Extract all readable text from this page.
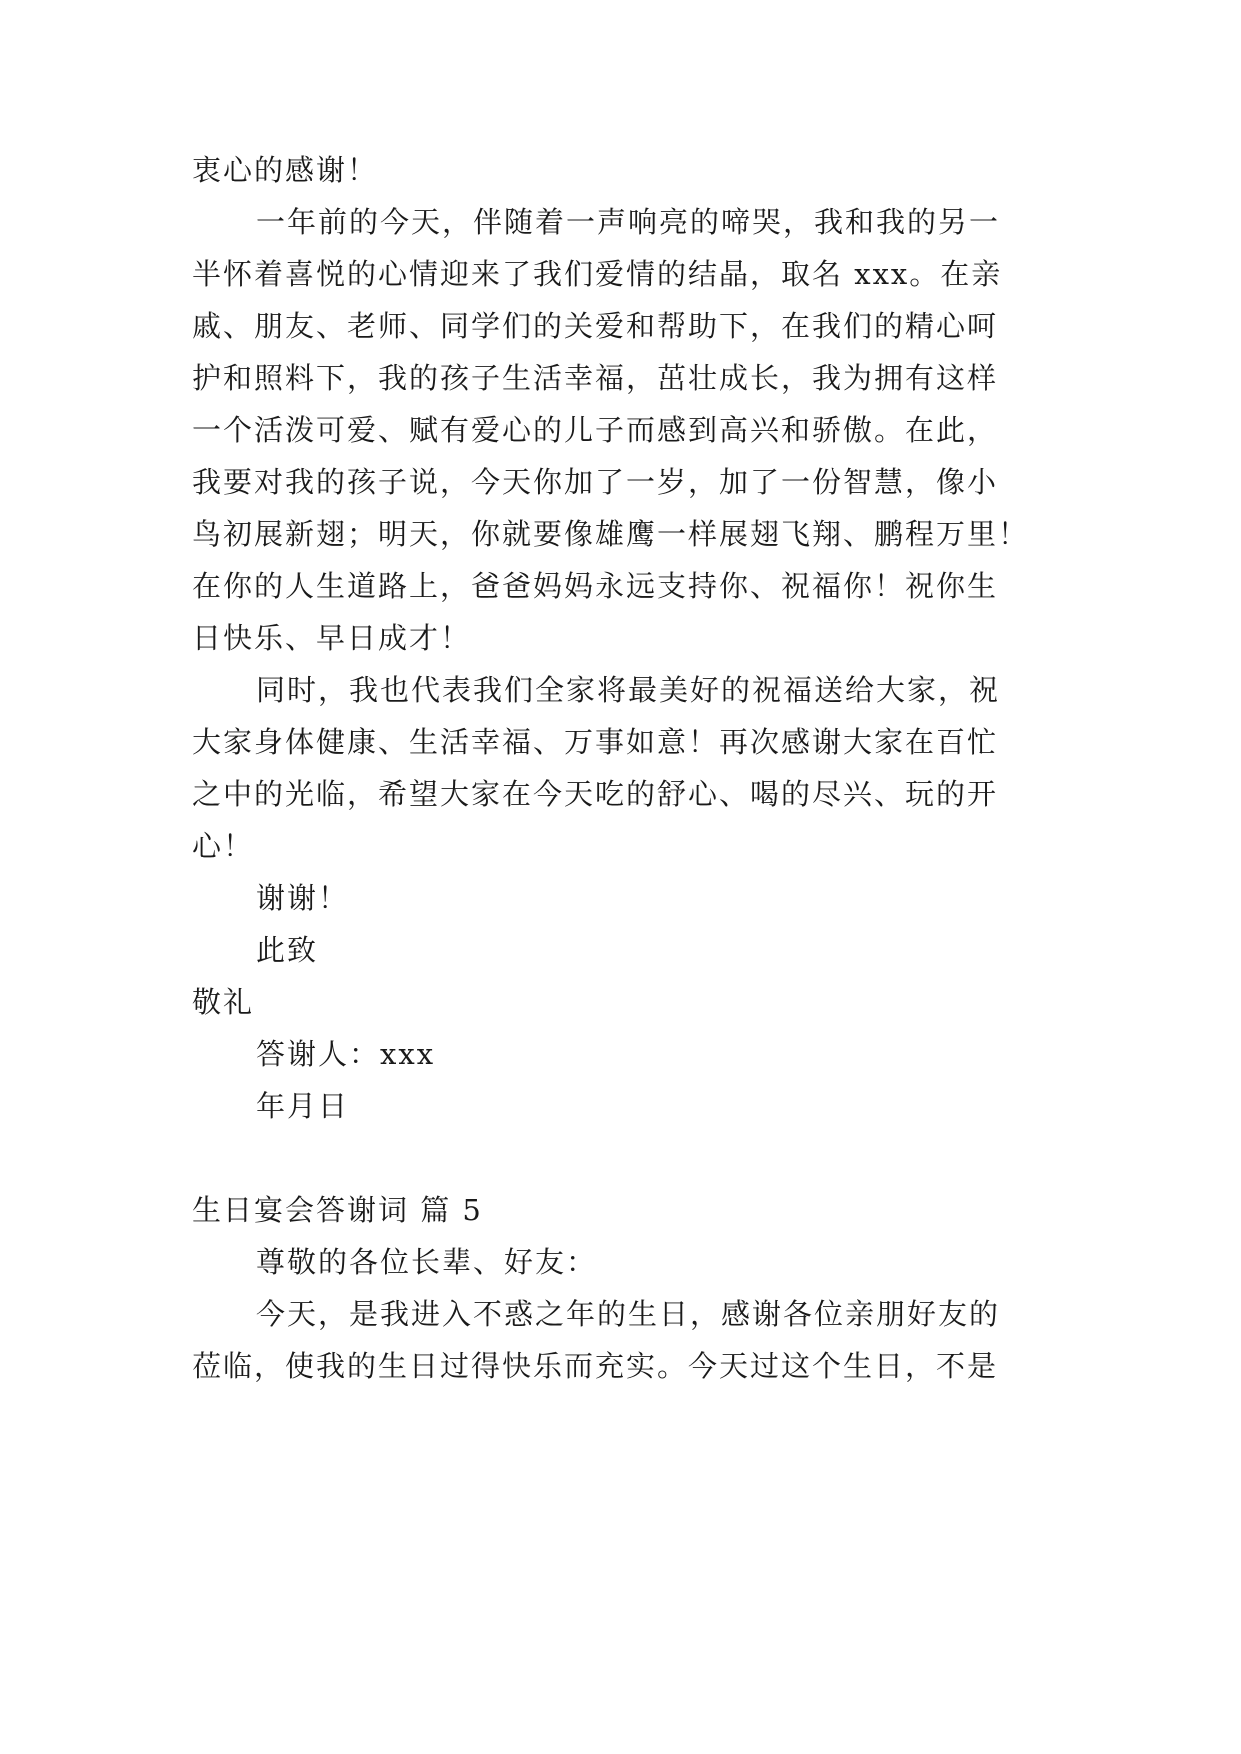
衷心的感谢！
一年前的今天，伴随着一声响亮的啼哭，我和我的另一
半怀着喜悦的心情迎来了我们爱情的结晶，取名 xxx。在亲
戚、朋友、老师、同学们的关爱和帮助下，在我们的精心呵
护和照料下，我的孩子生活幸福，茁壮成长，我为拥有这样
一个活泼可爱、赋有爱心的儿子而感到高兴和骄傲。在此，
我要对我的孩子说，今天你加了一岁，加了一份智慧，像小
鸟初展新翅；明天，你就要像雄鹰一样展翅飞翔、鹏程万里！
在你的人生道路上，爸爸妈妈永远支持你、祝福你！祝你生
日快乐、早日成才！
同时，我也代表我们全家将最美好的祝福送给大家，祝
大家身体健康、生活幸福、万事如意！再次感谢大家在百忙
之中的光临，希望大家在今天吃的舒心、喝的尽兴、玩的开
心！
谢谢！
此致
敬礼
答谢人：xxx
年月日
生日宴会答谢词 篇 5
尊敬的各位长辈、好友：
今天，是我进入不惑之年的生日，感谢各位亲朋好友的
莅临，使我的生日过得快乐而充实。今天过这个生日，不是
